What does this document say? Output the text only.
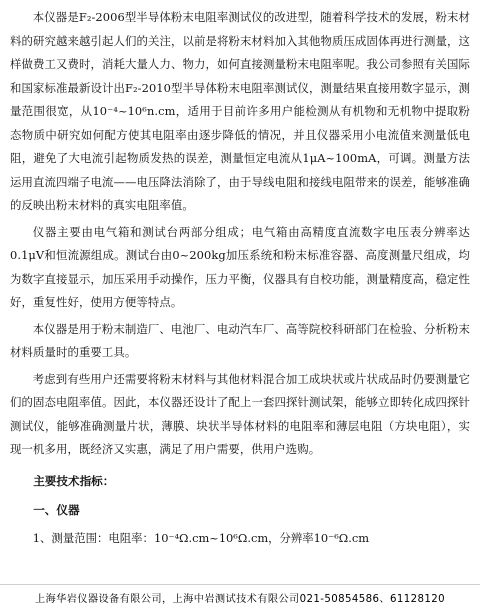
本仪器是F₂-2006型半导体粉末电阻率测试仪的改进型，随着科学技术的发展，粉末材料的研究越来越引起人们的关注，以前是将粉末材料加入其他物质压成固体再进行测量，这样做费工又费时，消耗大量人力、物力，如何直接测量粉末电阻率呢。我公司参照有关国际和国家标准最新设计出F₂-2010型半导体粉末电阻率测试仪，测量结果直接用数字显示，测量范围很宽，从10⁻⁴~10⁶n.cm，适用于目前许多用户能检测从有机物和无机物中提取粉态物质中研究如何配方使其电阻率由逐步降低的情况，并且仪器采用小电流值来测量低电阻，避免了大电流引起物质发热的误差，测量恒定电流从1μA~100mA，可调。测量方法运用直流四端子电流——电压降法消除了，由于导线电阻和接线电阻带来的误差，能够准确的反映出粉末材料的真实电阻率值。

仪器主要由电气箱和测试台两部分组成；电气箱由高精度直流数字电压表分辨率达0.1μV和恒流源组成。测试台由0~200kg加压系统和粉末标准容器、高度测量尺组成，均为数字直接显示，加压采用手动操作，压力平衡，仪器具有自校功能，测量精度高，稳定性好，重复性好，使用方便等特点。

本仪器是用于粉末制造厂、电池厂、电动汽车厂、高等院校科研部门在检验、分析粉末材料质量时的重要工具。

考虑到有些用户还需要将粉末材料与其他材料混合加工成块状或片状成品时仍要测量它们的固态电阻率值。因此，本仪器还设计了配上一套四探针测试架，能够立即转化成四探针测试仪，能够准确测量片状，薄膜、块状半导体材料的电阻率和薄层电阻（方块电阻），实现一机多用，既经济又实惠，满足了用户需要，供用户选购。

主要技术指标：

一、仪器

1、测量范围：电阻率：10⁻⁴Ω.cm~10⁶Ω.cm，分辨率10⁻⁶Ω.cm

上海华岩仪器设备有限公司，上海中岩测试技术有限公司021-50854586、61128120
